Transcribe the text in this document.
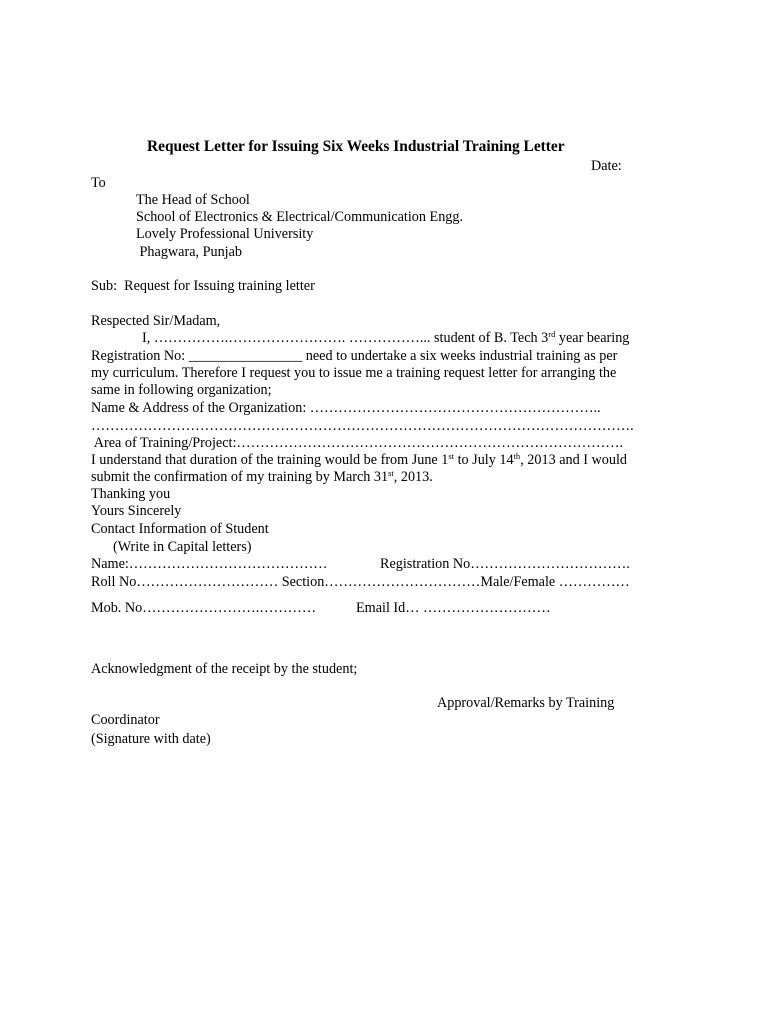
Request Letter for Issuing Six Weeks Industrial Training Letter
Date:
To
The Head of School
School of Electronics & Electrical/Communication Engg.
Lovely Professional University
Phagwara, Punjab
Sub:  Request for Issuing training letter
Respected Sir/Madam,
I, …………….……………………. ……………... student of B. Tech 3rd year bearing
Registration No: ________________ need to undertake a six weeks industrial training as per
my curriculum. Therefore I request you to issue me a training request letter for arranging the
same in following organization;
Name & Address of the Organization: ……………………………………………………..
…………………………………………………………………………………………………….
Area of Training/Project:……………………………………………………………………….
I understand that duration of the training would be from June 1st to July 14th, 2013 and I would
submit the confirmation of my training by March 31st, 2013.
Thanking you
Yours Sincerely
Contact Information of Student
(Write in Capital letters)
Name:……………………………………	Registration No…………………………….
Roll No………………………… Section……………………………Male/Female ……………
Mob. No…………………….…………	Email Id… ………………………
Acknowledgment of the receipt by the student;
Approval/Remarks by Training
Coordinator
(Signature with date)
